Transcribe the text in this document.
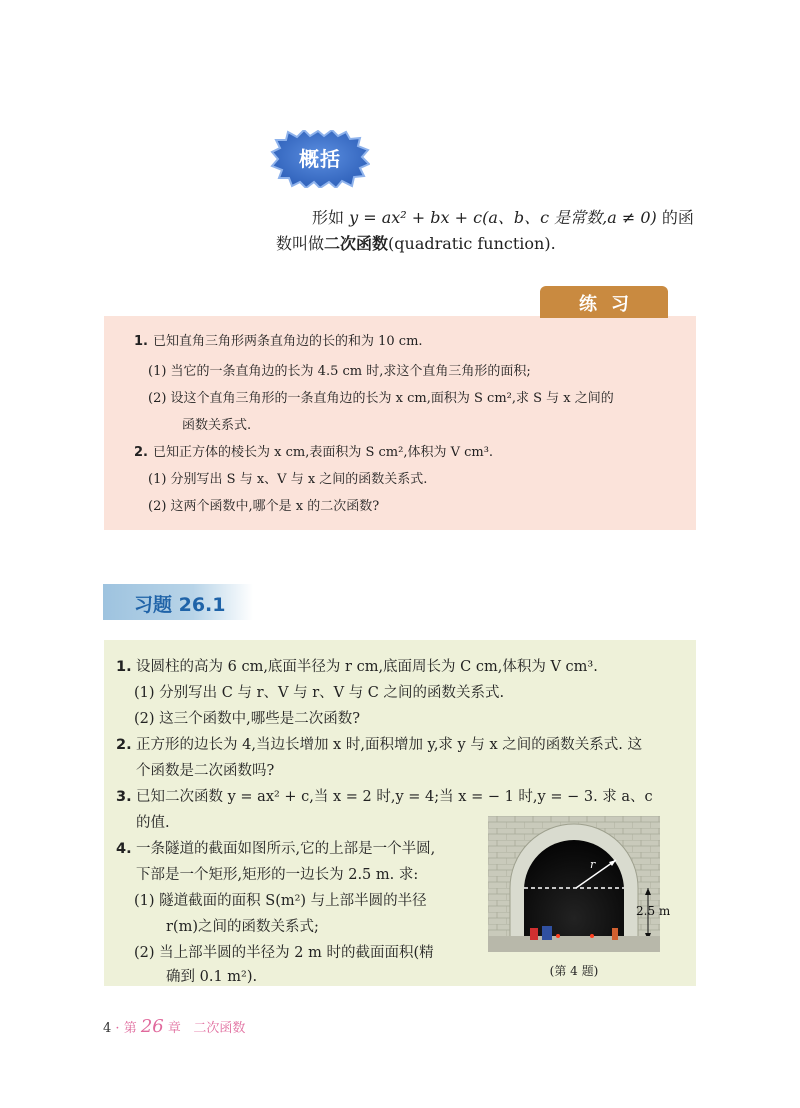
概括
形如 y = ax² + bx + c(a、b、c 是常数,a ≠ 0) 的函
数叫做二次函数(quadratic function).
练习
1. 已知直角三角形两条直角边的长的和为 10 cm.
(1) 当它的一条直角边的长为 4.5 cm 时,求这个直角三角形的面积;
(2) 设这个直角三角形的一条直角边的长为 x cm,面积为 S cm²,求 S 与 x 之间的
函数关系式.
2. 已知正方体的棱长为 x cm,表面积为 S cm²,体积为 V cm³.
(1) 分别写出 S 与 x、V 与 x 之间的函数关系式.
(2) 这两个函数中,哪个是 x 的二次函数?
习题 26.1
1. 设圆柱的高为 6 cm,底面半径为 r cm,底面周长为 C cm,体积为 V cm³.
(1) 分别写出 C 与 r、V 与 r、V 与 C 之间的函数关系式.
(2) 这三个函数中,哪些是二次函数?
2. 正方形的边长为 4,当边长增加 x 时,面积增加 y,求 y 与 x 之间的函数关系式. 这
个函数是二次函数吗?
3. 已知二次函数 y = ax² + c,当 x = 2 时,y = 4;当 x = − 1 时,y = − 3. 求 a、c
的值.
4. 一条隧道的截面如图所示,它的上部是一个半圆,
下部是一个矩形,矩形的一边长为 2.5 m. 求:
(1) 隧道截面的面积 S(m²) 与上部半圆的半径
r(m)之间的函数关系式;
(2) 当上部半圆的半径为 2 m 时的截面面积(精
确到 0.1 m²).
r
2.5 m
(第 4 题)
4 · 第 26 章 二次函数
